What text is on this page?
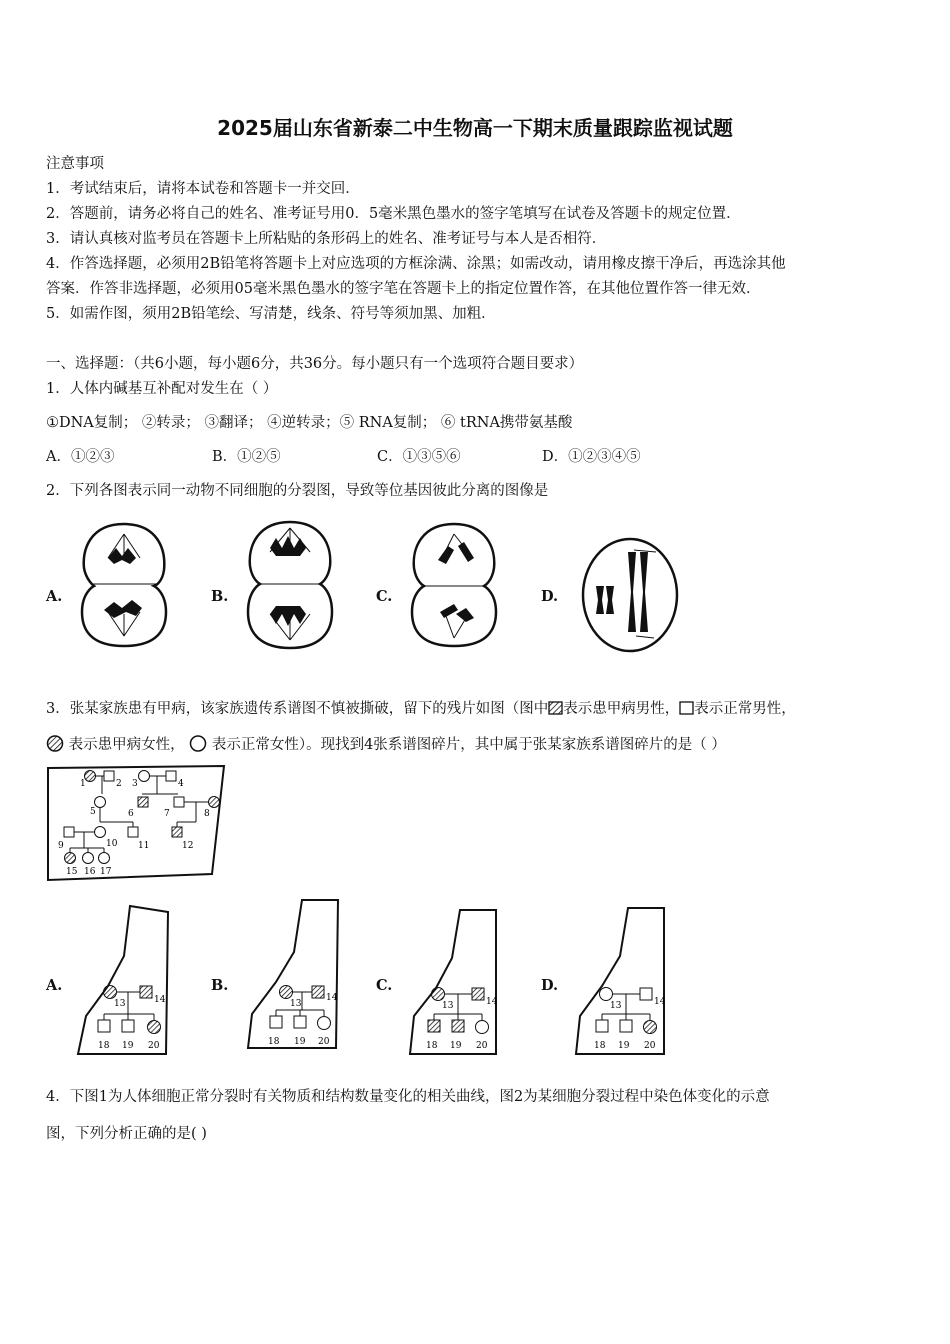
2025届山东省新泰二中生物高一下期末质量跟踪监视试题
注意事项
1．考试结束后，请将本试卷和答题卡一并交回．
2．答题前，请务必将自己的姓名、准考证号用0．5毫米黑色墨水的签字笔填写在试卷及答题卡的规定位置．
3．请认真核对监考员在答题卡上所粘贴的条形码上的姓名、准考证号与本人是否相符．
4．作答选择题，必须用2B铅笔将答题卡上对应选项的方框涂满、涂黑；如需改动，请用橡皮擦干净后，再选涂其他
答案．作答非选择题，必须用05毫米黑色墨水的签字笔在答题卡上的指定位置作答，在其他位置作答一律无效．
5．如需作图，须用2B铅笔绘、写清楚，线条、符号等须加黑、加粗．
一、选择题：（共6小题，每小题6分，共36分。每小题只有一个选项符合题目要求）
1．人体内碱基互补配对发生在（ ）
①DNA复制； ②转录； ③翻译； ④逆转录；⑤ RNA复制； ⑥ tRNA携带氨基酸
A．①②③	B．①②⑤	C．①③⑤⑥	D．①②③④⑤
2．下列各图表示同一动物不同细胞的分裂图，导致等位基因彼此分离的图像是
A.	B.	C.	D.
3．张某家族患有甲病，该家族遗传系谱图不慎被撕破，留下的残片如图（图中 表示患甲病男性， 表示正常男性，
表示患甲病女性， 表示正常女性）。现找到4张系谱图碎片，其中属于张某家族系谱图碎片的是（ ）
1	2 3	4
5	6	7	8
9	10 11	12
15 16 17
A.	B.	C.	D.
13	14
18 19 20
13
14
18 19 20
13	14
18 19 20
13	14
18 19 20
4．下图1为人体细胞正常分裂时有关物质和结构数量变化的相关曲线，图2为某细胞分裂过程中染色体变化的示意
图，下列分析正确的是( )
